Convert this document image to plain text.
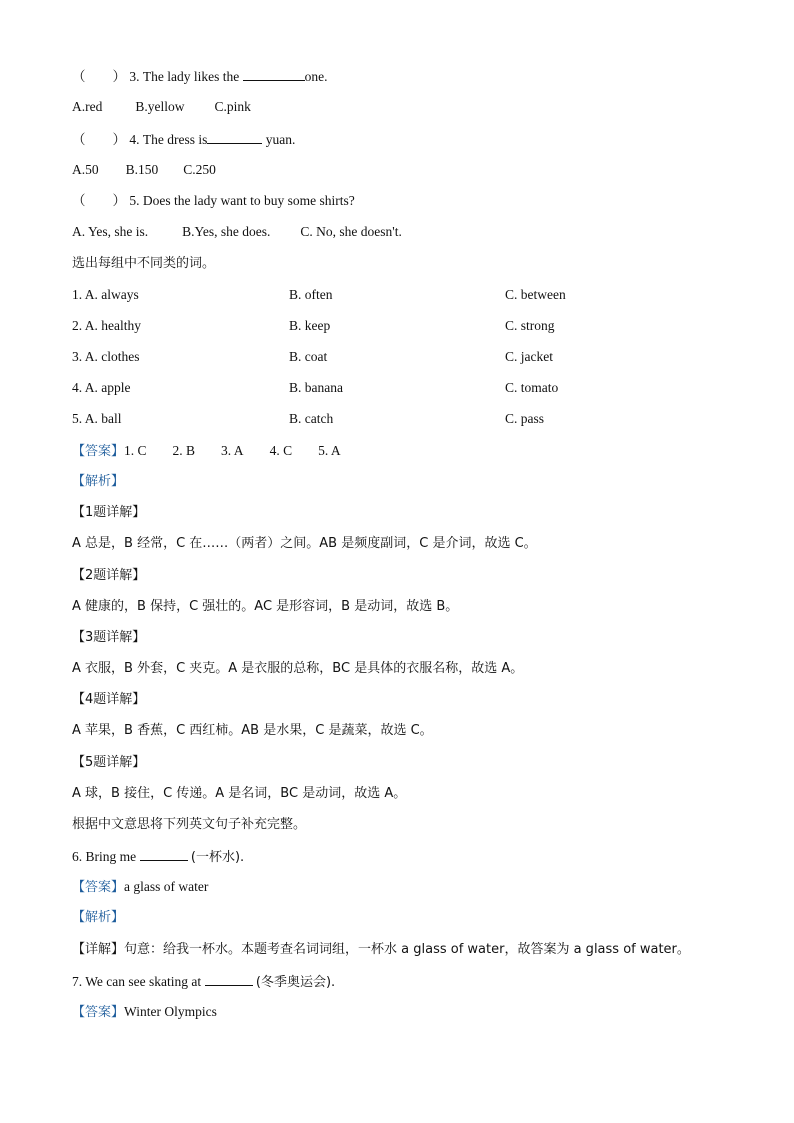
（　　） 3. The lady likes the	one.
A.red B.yellow C.pink
（　　） 4. The dress is	yuan.
A.50 B.150 C.250
（　　） 5. Does the lady want to buy some shirts?
A. Yes, she is.	B.Yes, she does. C. No, she doesn't.
选出每组中不同类的词。
1. A. always	B. often	C. between
2. A. healthy	B. keep	C. strong
3. A. clothes	B. coat	C. jacket
4. A. apple	B. banana	C. tomato
5. A. ball	B. catch	C. pass
【答案】1. C 2. B 3. A 4. C 5. A
【解析】
【1题详解】
A 总是，B 经常，C 在……（两者）之间。AB 是频度副词，C 是介词，故选 C。
【2题详解】
A 健康的，B 保持，C 强壮的。AC 是形容词，B 是动词，故选 B。
【3题详解】
A 衣服，B 外套，C 夹克。A 是衣服的总称，BC 是具体的衣服名称，故选 A。
【4题详解】
A 苹果，B 香蕉，C 西红柿。AB 是水果，C 是蔬菜，故选 C。
【5题详解】
A 球，B 接住，C 传递。A 是名词，BC 是动词，故选 A。
根据中文意思将下列英文句子补充完整。
6. Bring me	(一杯水).
【答案】a glass of water
【解析】
【详解】句意：给我一杯水。本题考查名词词组，一杯水 a glass of water，故答案为 a glass of water。
7. We can see skating at	(冬季奥运会).
【答案】Winter Olympics
